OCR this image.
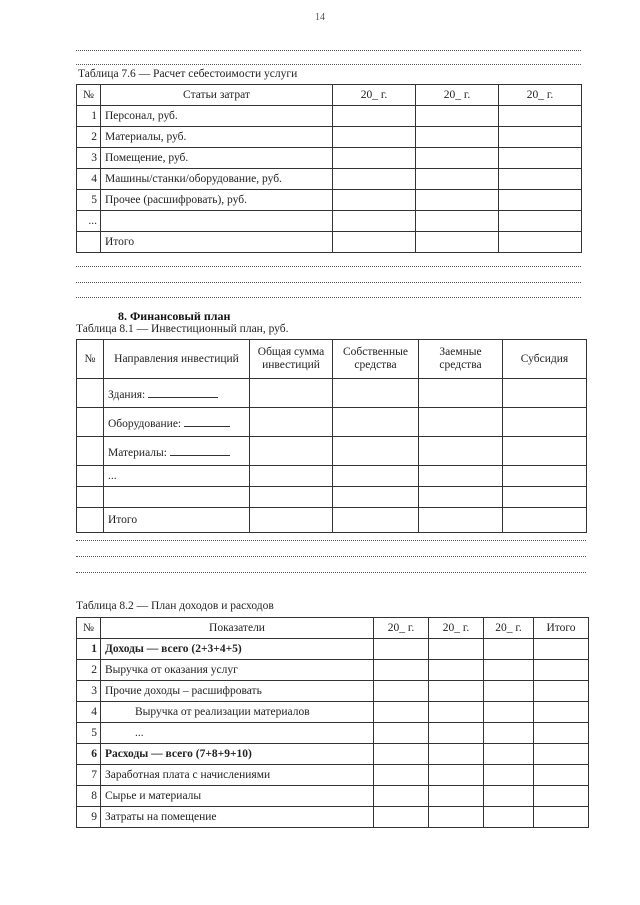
14
Таблица 7.6 — Расчет себестоимости услуги
№	Статьи затрат	20_ г.	20_ г.	20_ г.
1	Персонал, руб.			
2	Материалы, руб.			
3	Помещение, руб.			
4	Машины/станки/оборудование, руб.			
5	Прочее (расшифровать), руб.			
...				
	Итого			
8. Финансовый план
Таблица 8.1 — Инвестиционный план, руб.
№	Направления инвестиций	Общая сумма инвестиций	Собственные средства	Заемные средства	Субсидия
	Здания:				
	Оборудование:				
	Материалы:				
	...				

	Итого				
Таблица 8.2 — План доходов и расходов
№	Показатели	20_ г.	20_ г.	20_ г.	Итого
1	Доходы — всего (2+3+4+5)				
2	Выручка от оказания услуг				
3	Прочие доходы – расшифровать				
4	Выручка от реализации материалов				
5	...				
6	Расходы — всего (7+8+9+10)				
7	Заработная плата с начислениями				
8	Сырье и материалы				
9	Затраты на помещение				
